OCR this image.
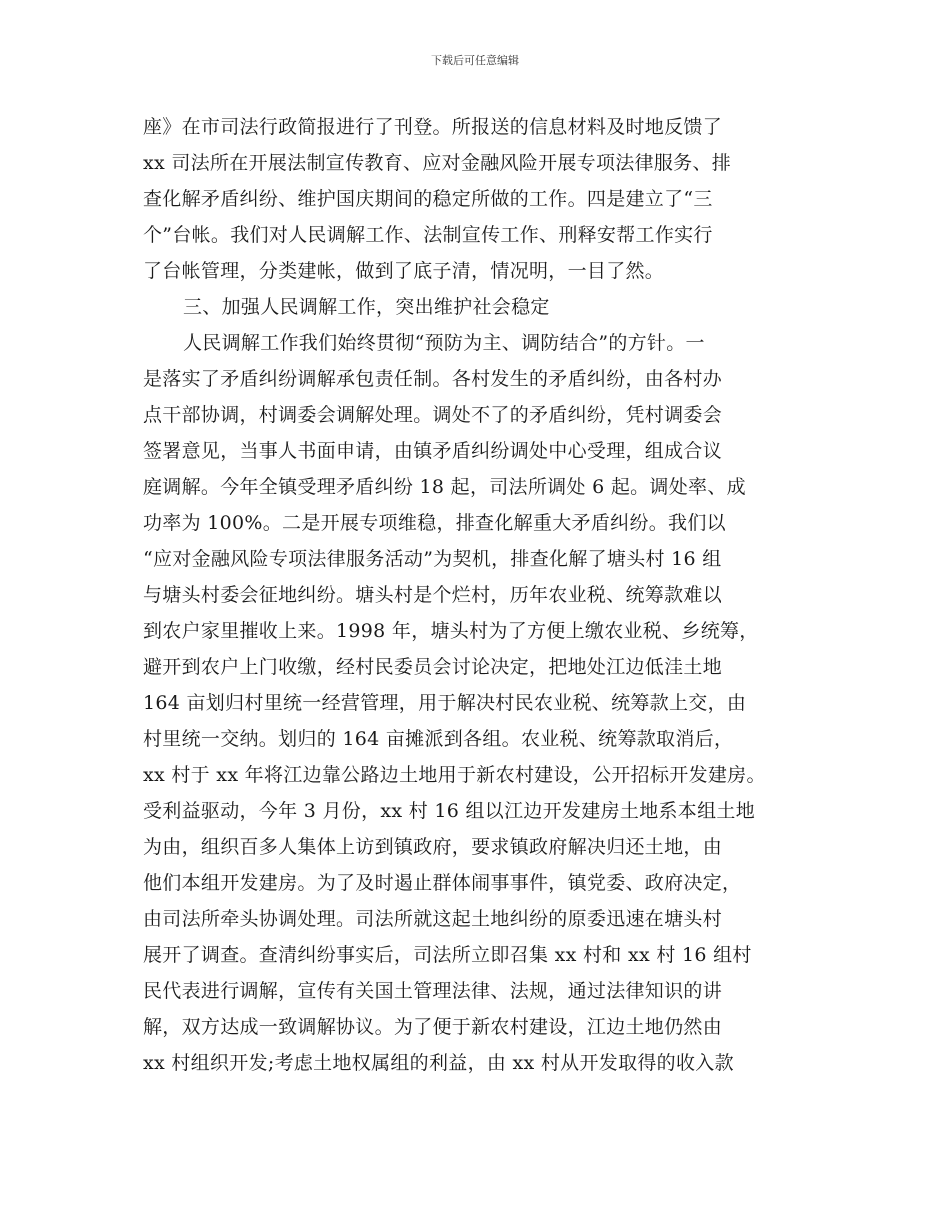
下载后可任意编辑
座》在市司法行政简报进行了刊登。所报送的信息材料及时地反馈了
xx 司法所在开展法制宣传教育、应对金融风险开展专项法律服务、排
查化解矛盾纠纷、维护国庆期间的稳定所做的工作。四是建立了“三
个”台帐。我们对人民调解工作、法制宣传工作、刑释安帮工作实行
了台帐管理，分类建帐，做到了底子清，情况明，一目了然。
三、加强人民调解工作，突出维护社会稳定
人民调解工作我们始终贯彻“预防为主、调防结合”的方针。一
是落实了矛盾纠纷调解承包责任制。各村发生的矛盾纠纷，由各村办
点干部协调，村调委会调解处理。调处不了的矛盾纠纷，凭村调委会
签署意见，当事人书面申请，由镇矛盾纠纷调处中心受理，组成合议
庭调解。今年全镇受理矛盾纠纷 18 起，司法所调处 6 起。调处率、成
功率为 100%。二是开展专项维稳，排查化解重大矛盾纠纷。我们以
“应对金融风险专项法律服务活动”为契机，排查化解了塘头村 16 组
与塘头村委会征地纠纷。塘头村是个烂村，历年农业税、统筹款难以
到农户家里摧收上来。1998 年，塘头村为了方便上缴农业税、乡统筹，
避开到农户上门收缴，经村民委员会讨论决定，把地处江边低洼土地
164 亩划归村里统一经营管理，用于解决村民农业税、统筹款上交，由
村里统一交纳。划归的 164 亩摊派到各组。农业税、统筹款取消后，
xx 村于 xx 年将江边靠公路边土地用于新农村建设，公开招标开发建房。
受利益驱动，今年 3 月份，xx 村 16 组以江边开发建房土地系本组土地
为由，组织百多人集体上访到镇政府，要求镇政府解决归还土地，由
他们本组开发建房。为了及时遏止群体闹事事件，镇党委、政府决定，
由司法所牵头协调处理。司法所就这起土地纠纷的原委迅速在塘头村
展开了调查。查清纠纷事实后，司法所立即召集 xx 村和 xx 村 16 组村
民代表进行调解，宣传有关国土管理法律、法规，通过法律知识的讲
解，双方达成一致调解协议。为了便于新农村建设，江边土地仍然由
xx 村组织开发;考虑土地权属组的利益，由 xx 村从开发取得的收入款
